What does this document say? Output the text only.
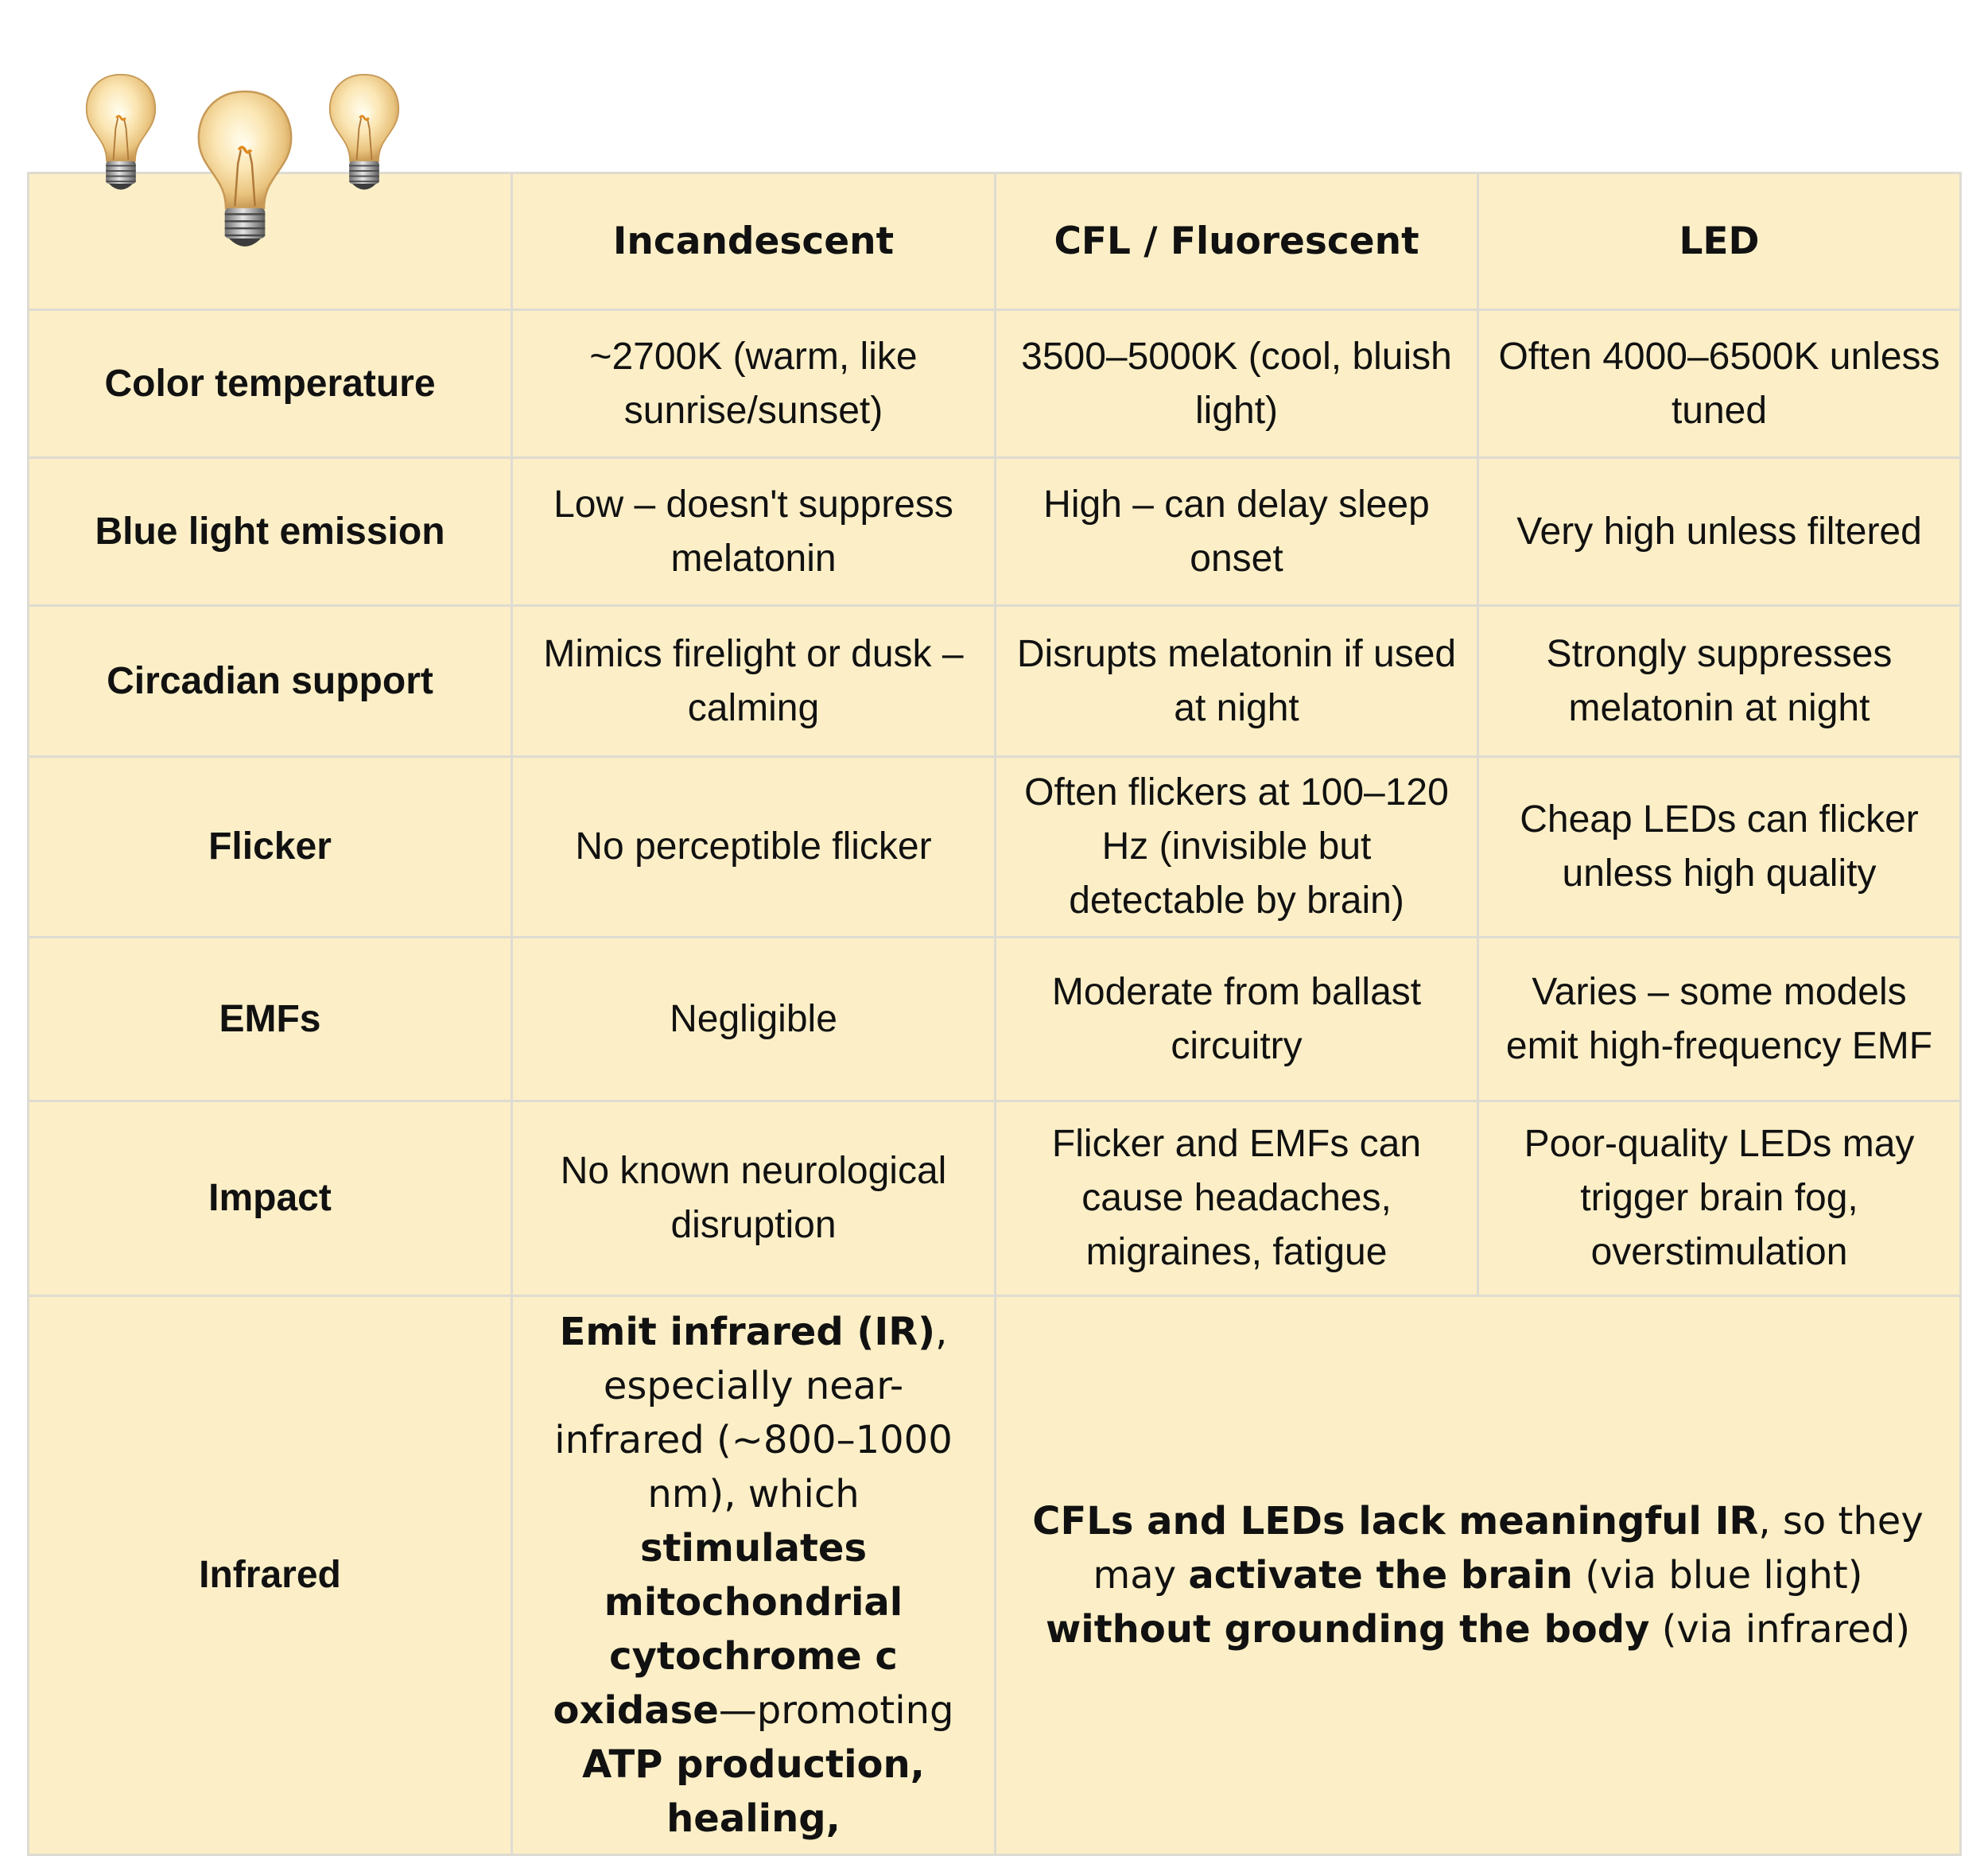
	Incandescent	CFL / Fluorescent	LED
Color temperature	~2700K (warm, like sunrise/sunset)	3500–5000K (cool, bluish light)	Often 4000–6500K unless tuned
Blue light emission	Low – doesn't suppress melatonin	High – can delay sleep onset	Very high unless filtered
Circadian support	Mimics firelight or dusk – calming	Disrupts melatonin if used at night	Strongly suppresses melatonin at night
Flicker	No perceptible flicker	Often flickers at 100–120 Hz (invisible but detectable by brain)	Cheap LEDs can flicker unless high quality
EMFs	Negligible	Moderate from ballast circuitry	Varies – some models emit high-frequency EMF
Impact	No known neurological disruption	Flicker and EMFs can cause headaches, migraines, fatigue	Poor-quality LEDs may trigger brain fog, overstimulation
Infrared	Emit infrared (IR), especially near-infrared (~800–1000 nm), which stimulates mitochondrial cytochrome c oxidase—promoting ATP production, healing,	CFLs and LEDs lack meaningful IR, so they may activate the brain (via blue light) without grounding the body (via infrared)	
